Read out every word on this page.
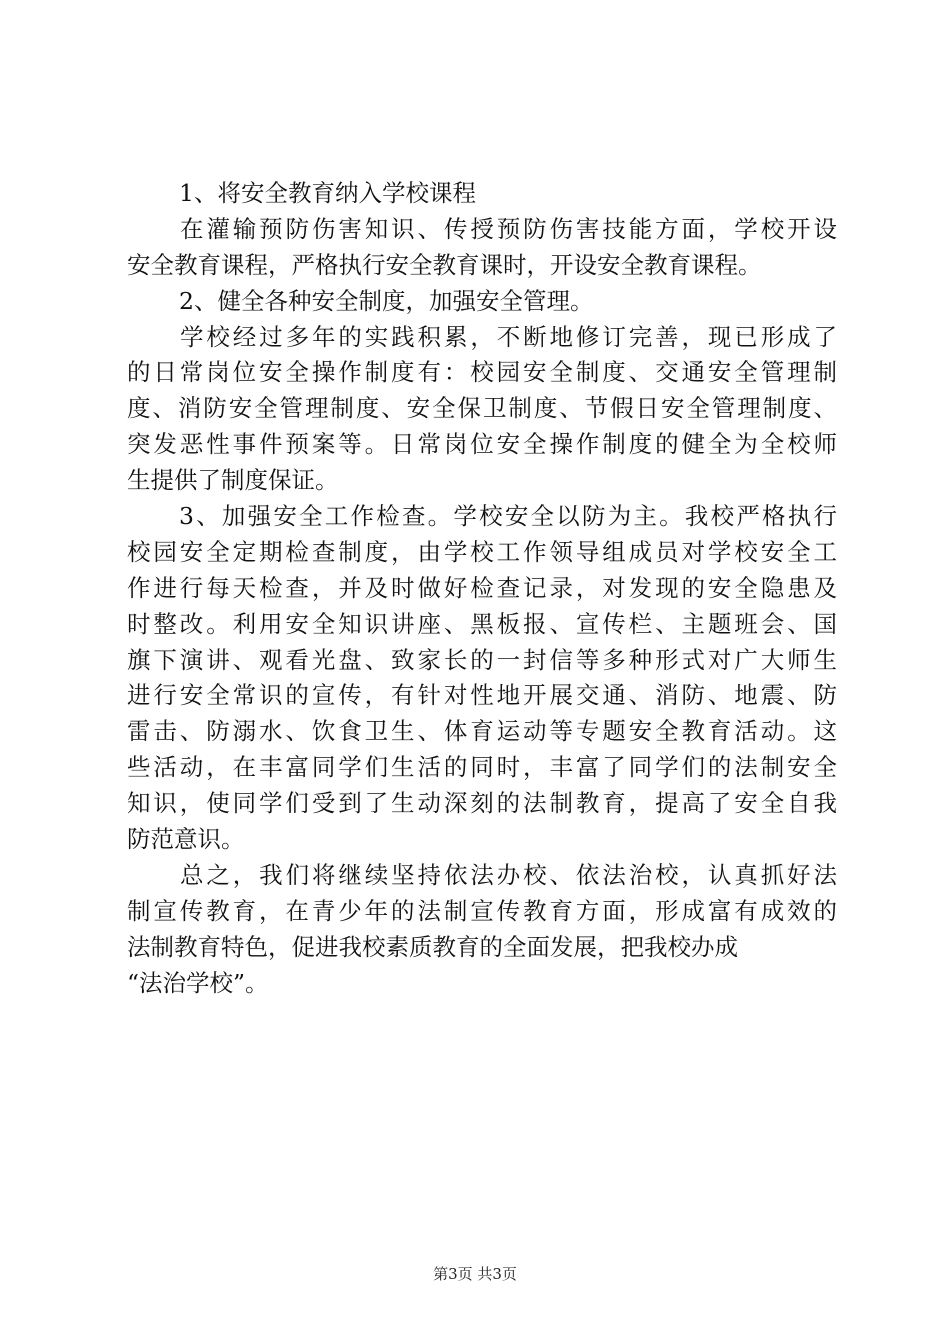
1、将安全教育纳入学校课程
在灌输预防伤害知识、传授预防伤害技能方面，学校开设
安全教育课程，严格执行安全教育课时，开设安全教育课程。
2、健全各种安全制度，加强安全管理。
学校经过多年的实践积累，不断地修订完善，现已形成了
的日常岗位安全操作制度有：校园安全制度、交通安全管理制
度、消防安全管理制度、安全保卫制度、节假日安全管理制度、
突发恶性事件预案等。日常岗位安全操作制度的健全为全校师
生提供了制度保证。
3、加强安全工作检查。学校安全以防为主。我校严格执行
校园安全定期检查制度，由学校工作领导组成员对学校安全工
作进行每天检查，并及时做好检查记录，对发现的安全隐患及
时整改。利用安全知识讲座、黑板报、宣传栏、主题班会、国
旗下演讲、观看光盘、致家长的一封信等多种形式对广大师生
进行安全常识的宣传，有针对性地开展交通、消防、地震、防
雷击、防溺水、饮食卫生、体育运动等专题安全教育活动。这
些活动，在丰富同学们生活的同时，丰富了同学们的法制安全
知识，使同学们受到了生动深刻的法制教育，提高了安全自我
防范意识。
总之，我们将继续坚持依法办校、依法治校，认真抓好法
制宣传教育，在青少年的法制宣传教育方面，形成富有成效的
法制教育特色，促进我校素质教育的全面发展，把我校办成
“法治学校”。
第3页 共3页
